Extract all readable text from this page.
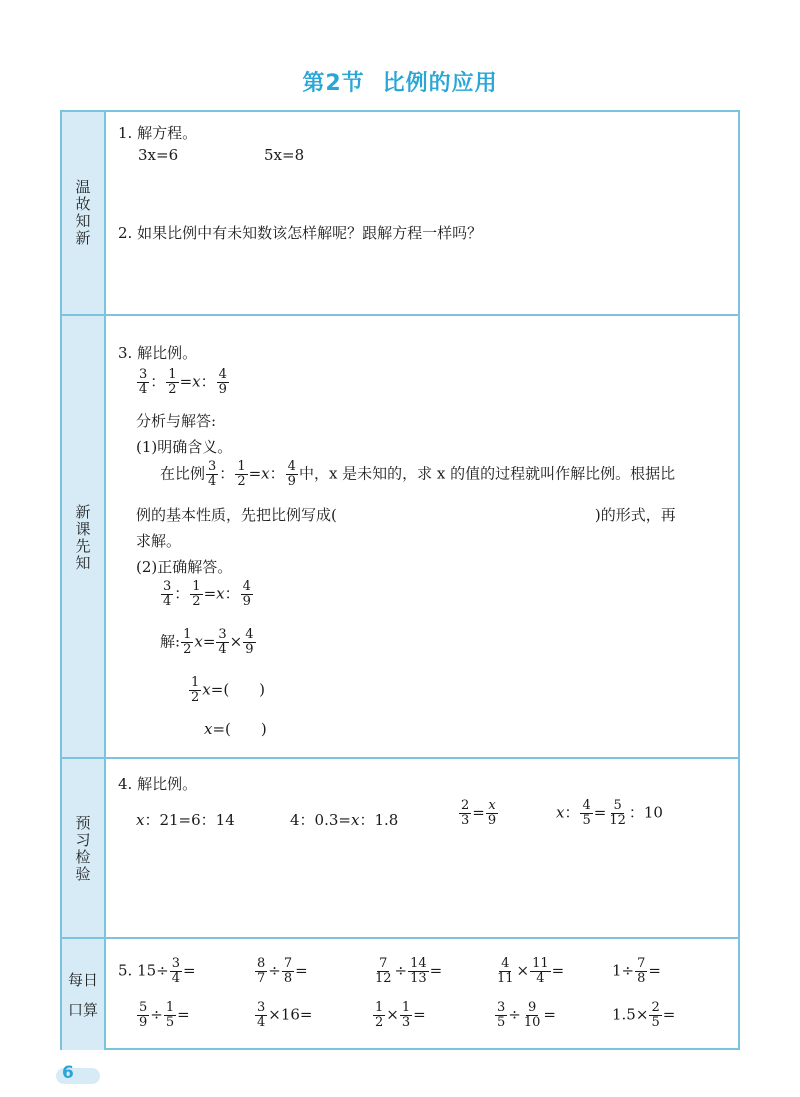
6
第2节 比例的应用
温故知新
1. 解方程。
3x=6	5x=8
2. 如果比例中有未知数该怎样解呢？跟解方程一样吗？
新课先知
3. 解比例。
$\frac{3}{4}$ ： $\frac{1}{2} =x$： $\frac{4}{9}$
分析与解答:
(1)明确含义。
在比例 $\frac{3}{4}$ ： $\frac{1}{2} =x$： $\frac{4}{9}$ 中，x 是未知的，求 x 的值的过程就叫作解比例。根据比
例的基本性质，先把比例写成(	)的形式，再
求解。
(2)正确解答。
$\frac{3}{4}$ ： $\frac{1}{2} =x$： $\frac{4}{9}$
解: $\frac{1}{2} x= \frac{3}{4} \times \frac{4}{9}$
$\frac{1}{2} x=$( )
x=( )
预习检验
4. 解比例。
x：21=6：14	4：0.3=x：1.8	$\frac{2}{3} = \frac{x}{9}$	x： $\frac{4}{5} = \frac{5}{12}$ ：10
每日
口算
5. $15\div \frac{3}{4}$ =	$\frac{8}{7} \div \frac{7}{8}$ =	$\frac{7}{12} \div \frac{14}{13}$ =	$\frac{4}{11} \times \frac{11}{4}$ =	$1\div \frac{7}{8}$ =
$\frac{5}{9} \div \frac{1}{5}$ =	$\frac{3}{4} \times 16=$	$\frac{1}{2} \times \frac{1}{3}$ =	$\frac{3}{5} \div \frac{9}{10}$ =	$1.5\times \frac{2}{5}$ =
